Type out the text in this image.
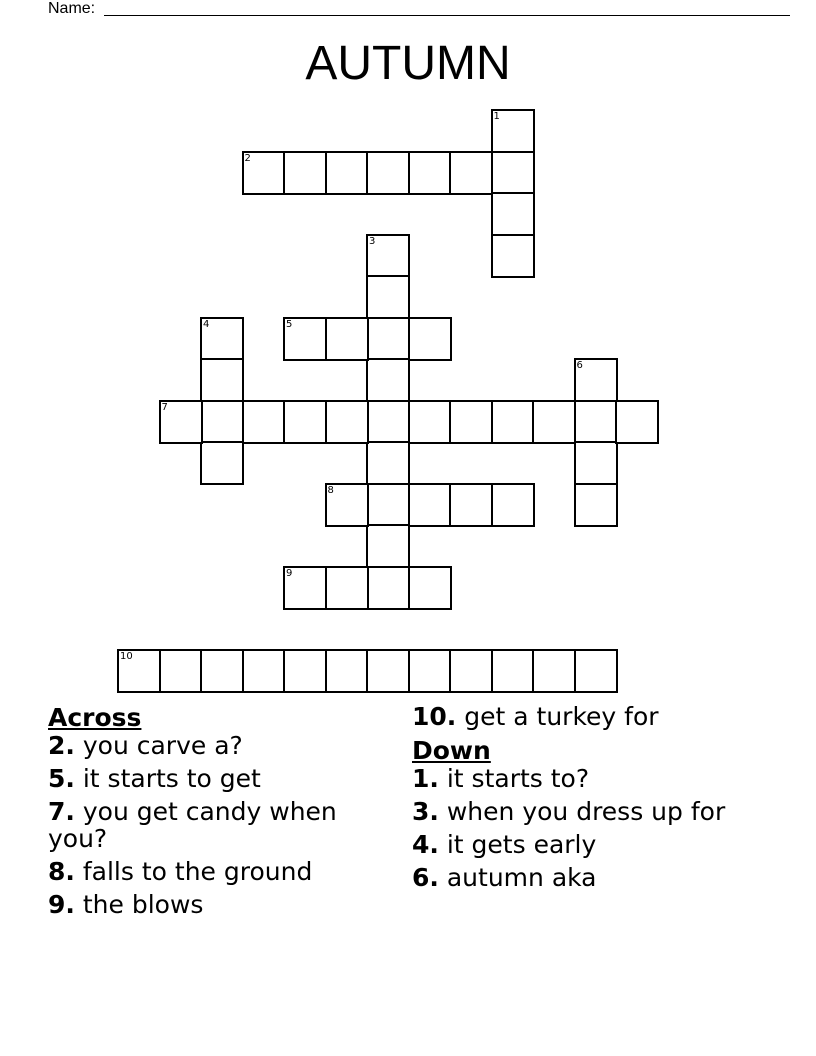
Name:
AUTUMN
1
2
3
4	5
6
7
8
9
10
Across
2. you carve a?
5. it starts to get
7. you get candy when you?
8. falls to the ground
9. the blows
10. get a turkey for
Down
1. it starts to?
3. when you dress up for
4. it gets early
6. autumn aka
